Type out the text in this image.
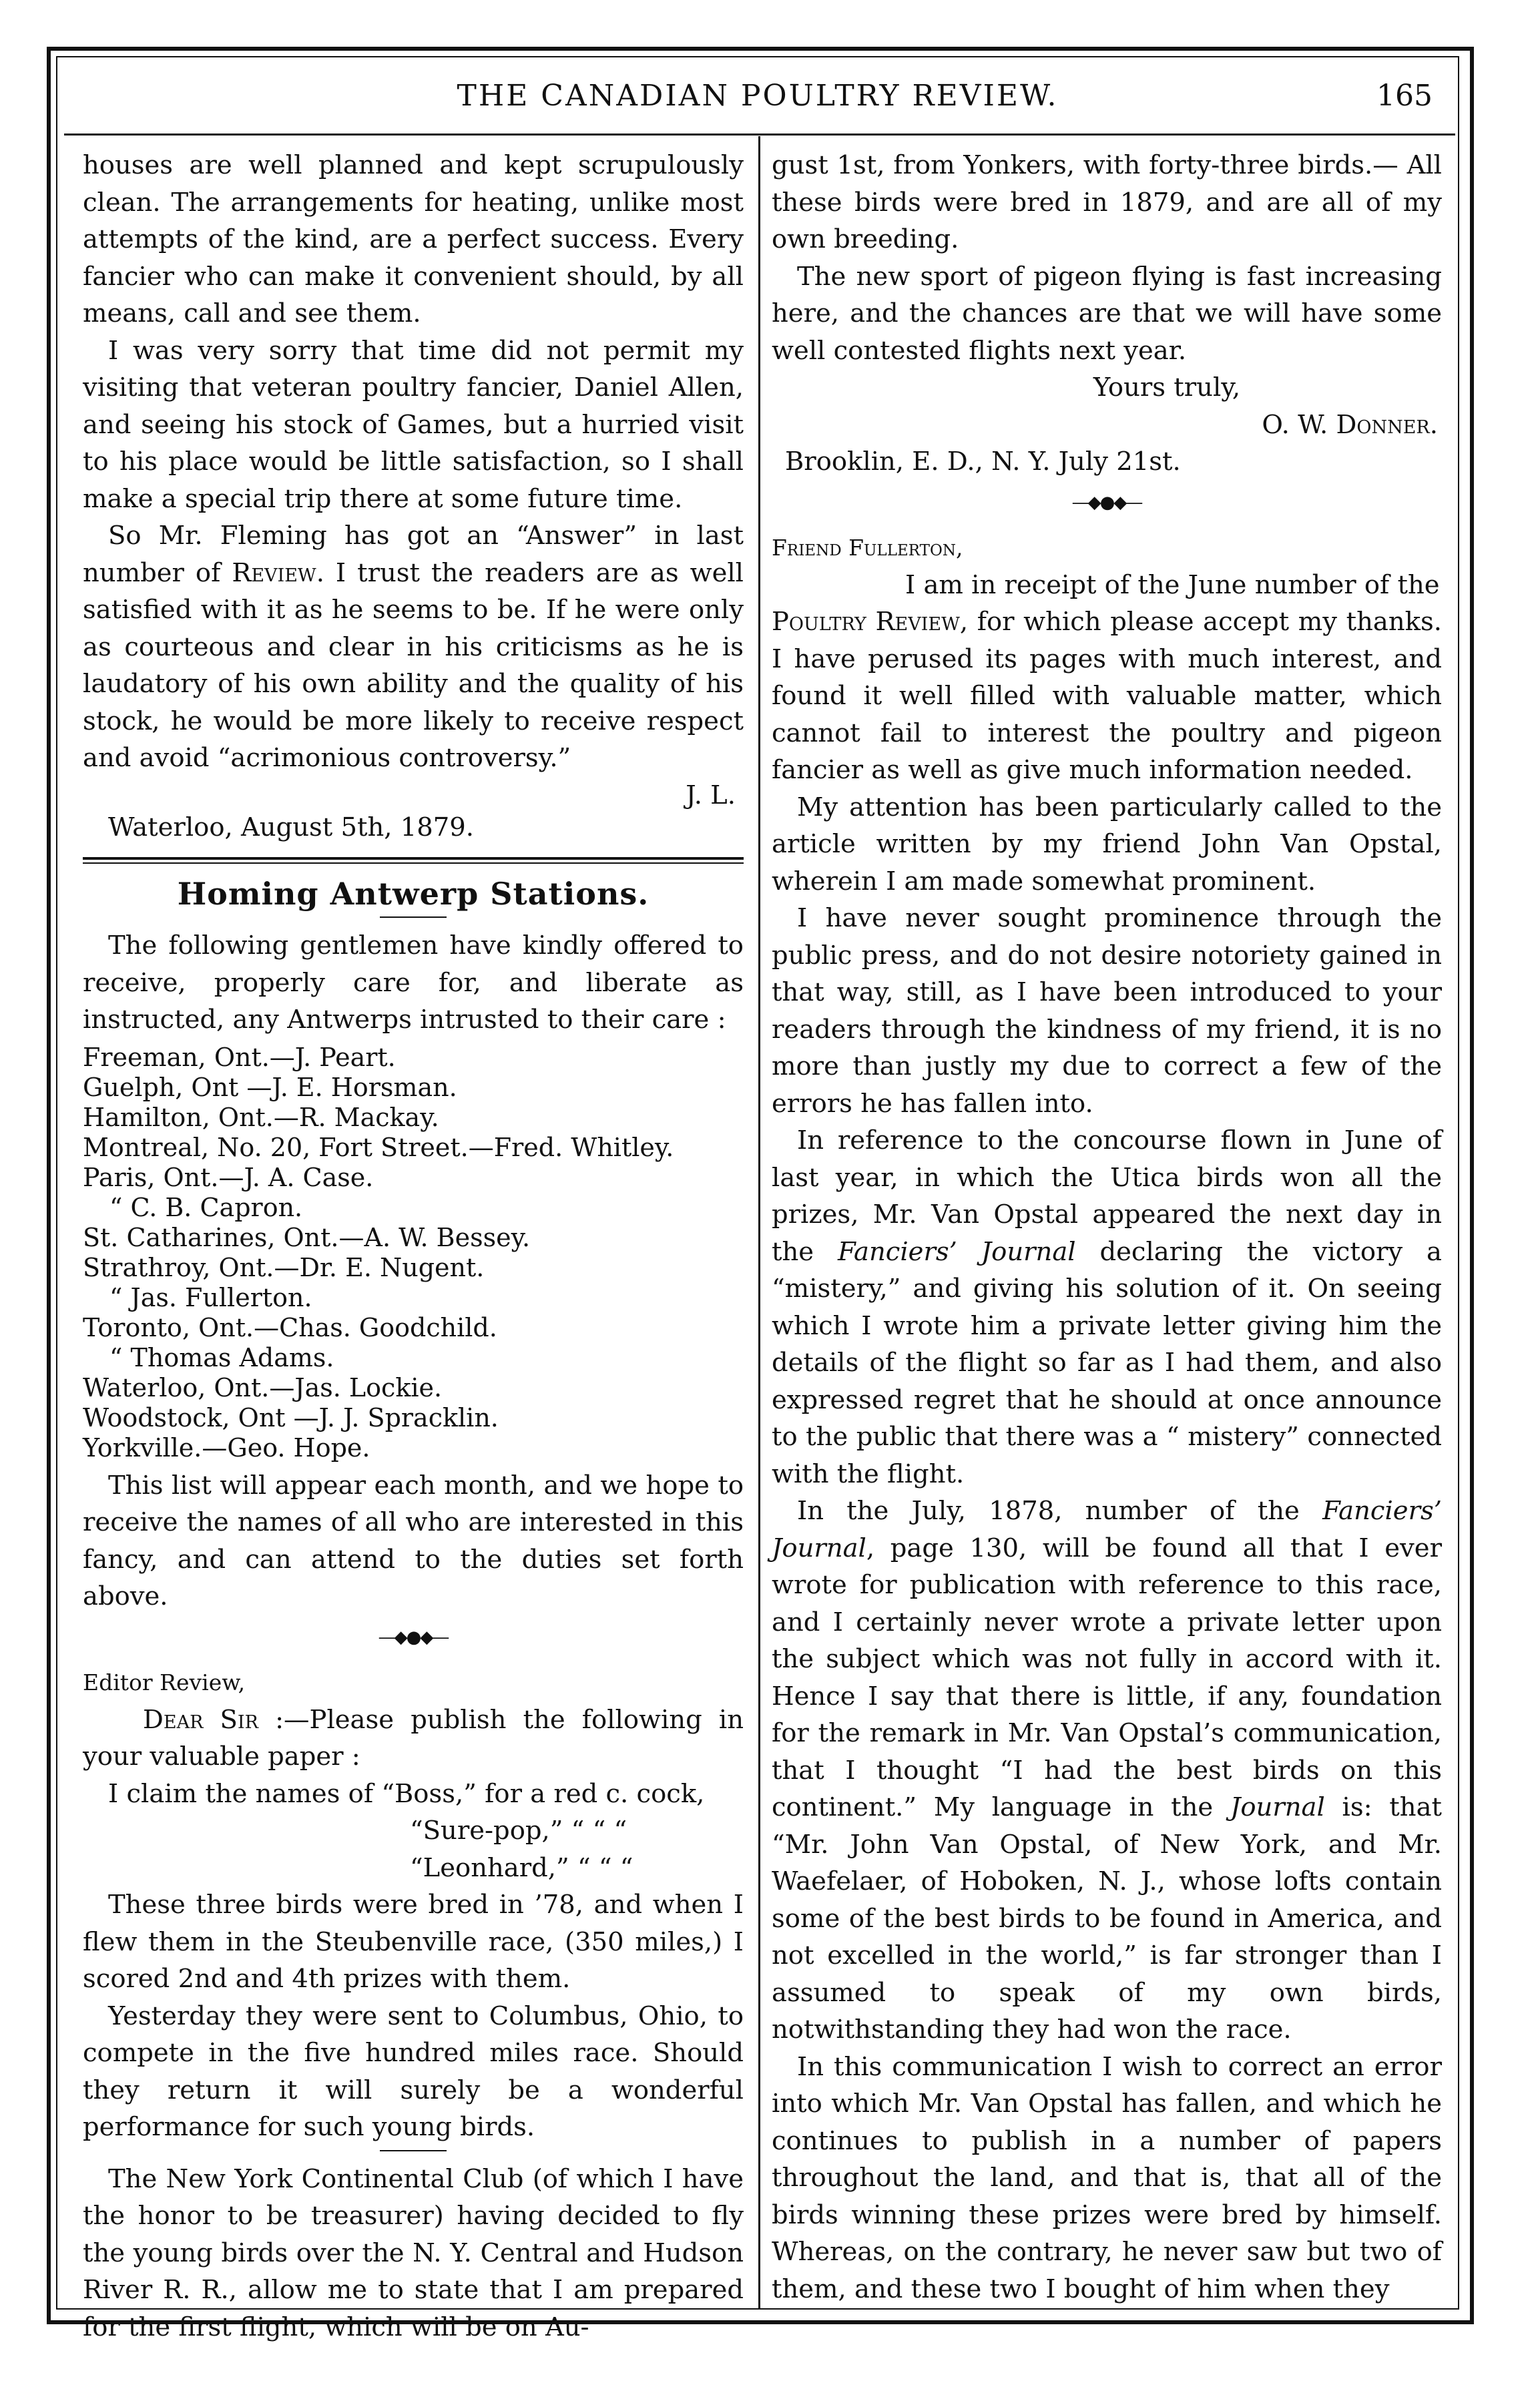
THE CANADIAN POULTRY REVIEW.	165

houses are well planned and kept scrupulously clean. The arrangements for heating, unlike most attempts of the kind, are a perfect success. Every fancier who can make it convenient should, by all means, call and see them.

I was very sorry that time did not permit my visiting that veteran poultry fancier, Daniel Allen, and seeing his stock of Games, but a hurried visit to his place would be little satisfaction, so I shall make a special trip there at some future time.

So Mr. Fleming has got an “Answer” in last number of Review. I trust the readers are as well satisfied with it as he seems to be. If he were only as courteous and clear in his criticisms as he is laudatory of his own ability and the quality of his stock, he would be more likely to receive respect and avoid “acrimonious controversy.”

J. L.
Waterloo, August 5th, 1879.
Homing Antwerp Stations.

The following gentlemen have kindly offered to receive, properly care for, and liberate as instructed, any Antwerps intrusted to their care :

Freeman, Ont.—J. Peart.
Guelph, Ont —J. E. Horsman.
Hamilton, Ont.—R. Mackay.
Montreal, No. 20, Fort Street.—Fred. Whitley.
Paris, Ont.—J. A. Case.
“ C. B. Capron.
St. Catharines, Ont.—A. W. Bessey.
Strathroy, Ont.—Dr. E. Nugent.
“ Jas. Fullerton.
Toronto, Ont.—Chas. Goodchild.
“ Thomas Adams.
Waterloo, Ont.—Jas. Lockie.
Woodstock, Ont —J. J. Spracklin.
Yorkville.—Geo. Hope.

This list will appear each month, and we hope to receive the names of all who are interested in this fancy, and can attend to the duties set forth above.

—◆●◆—

Editor Review,

Dear Sir :—Please publish the following in your valuable paper :

I claim the names of “Boss,” for a red c. cock,

“Sure-pop,” “ “ “

“Leonhard,” “ “ “

These three birds were bred in ’78, and when I flew them in the Steubenville race, (350 miles,) I scored 2nd and 4th prizes with them.

Yesterday they were sent to Columbus, Ohio, to compete in the five hundred miles race. Should they return it will surely be a wonderful performance for such young birds.

The New York Continental Club (of which I have the honor to be treasurer) having decided to fly the young birds over the N. Y. Central and Hudson River R. R., allow me to state that I am prepared for the first flight, which will be on Au-

gust 1st, from Yonkers, with forty-three birds.— All these birds were bred in 1879, and are all of my own breeding.

The new sport of pigeon flying is fast increasing here, and the chances are that we will have some well contested flights next year.

Yours truly,

O. W. Donner.

Brooklin, E. D., N. Y. July 21st.

—◆●◆—

Friend Fullerton,

I am in receipt of the June number of the

Poultry Review, for which please accept my thanks. I have perused its pages with much interest, and found it well filled with valuable matter, which cannot fail to interest the poultry and pigeon fancier as well as give much information needed.

My attention has been particularly called to the article written by my friend John Van Opstal, wherein I am made somewhat prominent.

I have never sought prominence through the public press, and do not desire notoriety gained in that way, still, as I have been introduced to your readers through the kindness of my friend, it is no more than justly my due to correct a few of the errors he has fallen into.

In reference to the concourse flown in June of last year, in which the Utica birds won all the prizes, Mr. Van Opstal appeared the next day in the Fanciers’ Journal declaring the victory a “mistery,” and giving his solution of it. On seeing which I wrote him a private letter giving him the details of the flight so far as I had them, and also expressed regret that he should at once announce to the public that there was a “ mistery” connected with the flight.

In the July, 1878, number of the Fanciers’ Journal, page 130, will be found all that I ever wrote for publication with reference to this race, and I certainly never wrote a private letter upon the subject which was not fully in accord with it. Hence I say that there is little, if any, foundation for the remark in Mr. Van Opstal’s communication, that I thought “I had the best birds on this continent.” My language in the Journal is: that “Mr. John Van Opstal, of New York, and Mr. Waefelaer, of Hoboken, N. J., whose lofts contain some of the best birds to be found in America, and not excelled in the world,” is far stronger than I assumed to speak of my own birds, notwithstanding they had won the race.

In this communication I wish to correct an error into which Mr. Van Opstal has fallen, and which he continues to publish in a number of papers throughout the land, and that is, that all of the birds winning these prizes were bred by himself. Whereas, on the contrary, he never saw but two of them, and these two I bought of him when they
